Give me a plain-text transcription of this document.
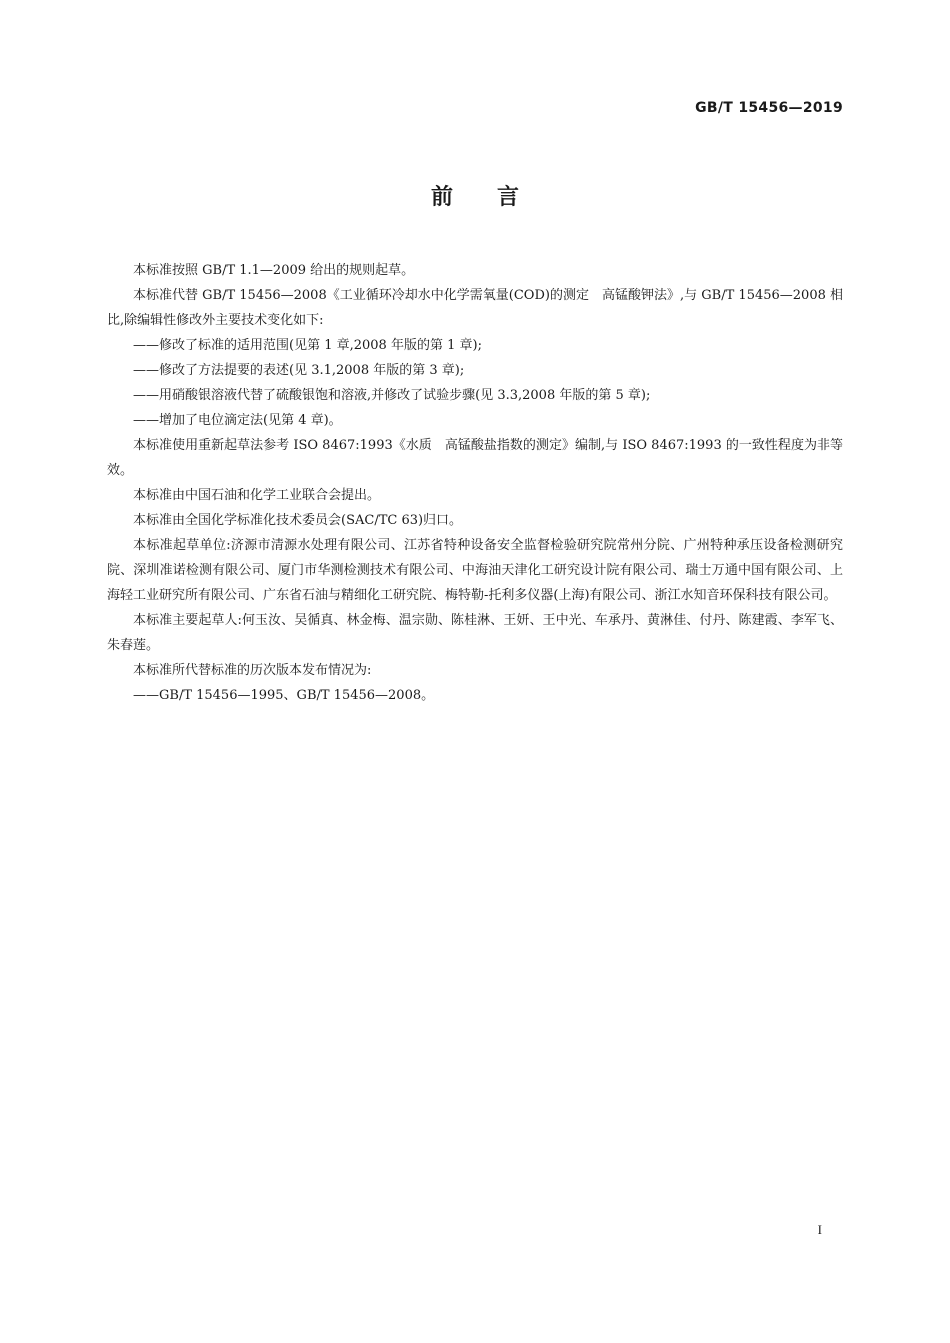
GB/T 15456—2019
前言

本标准按照 GB/T 1.1—2009 给出的规则起草。

本标准代替 GB/T 15456—2008《工业循环冷却水中化学需氧量(COD)的测定　高锰酸钾法》,与 GB/T 15456—2008 相比,除编辑性修改外主要技术变化如下:

——修改了标准的适用范围(见第 1 章,2008 年版的第 1 章);

——修改了方法提要的表述(见 3.1,2008 年版的第 3 章);

——用硝酸银溶液代替了硫酸银饱和溶液,并修改了试验步骤(见 3.3,2008 年版的第 5 章);

——增加了电位滴定法(见第 4 章)。

本标准使用重新起草法参考 ISO 8467:1993《水质　高锰酸盐指数的测定》编制,与 ISO 8467:1993 的一致性程度为非等效。

本标准由中国石油和化学工业联合会提出。

本标准由全国化学标准化技术委员会(SAC/TC 63)归口。

本标准起草单位:济源市清源水处理有限公司、江苏省特种设备安全监督检验研究院常州分院、广州特种承压设备检测研究院、深圳准诺检测有限公司、厦门市华测检测技术有限公司、中海油天津化工研究设计院有限公司、瑞士万通中国有限公司、上海轻工业研究所有限公司、广东省石油与精细化工研究院、梅特勒-托利多仪器(上海)有限公司、浙江水知音环保科技有限公司。

本标准主要起草人:何玉汝、吴循真、林金梅、温宗勋、陈桂淋、王妍、王中光、车承丹、黄淋佳、付丹、陈建霞、李军飞、朱春莲。

本标准所代替标准的历次版本发布情况为:

——GB/T 15456—1995、GB/T 15456—2008。

I
